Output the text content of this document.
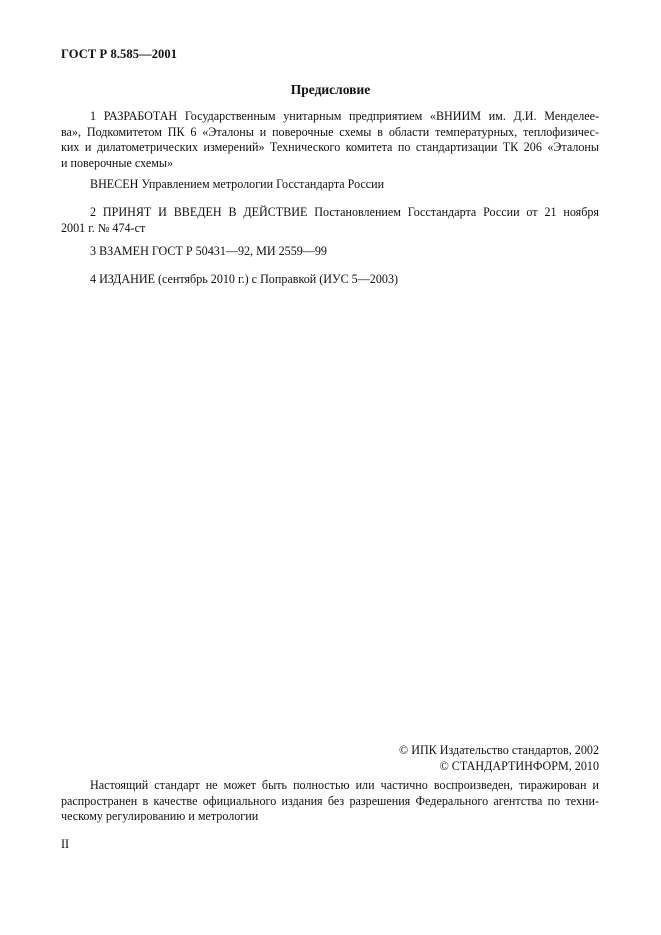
ГОСТ Р 8.585—2001
Предисловие
1 РАЗРАБОТАН Государственным унитарным предприятием «ВНИИМ им. Д.И. Менделее-
ва», Подкомитетом ПК 6 «Эталоны и поверочные схемы в области температурных, теплофизичес-
ких и дилатометрических измерений» Технического комитета по стандартизации ТК 206 «Эталоны
и поверочные схемы»
ВНЕСЕН Управлением метрологии Госстандарта России
2 ПРИНЯТ И ВВЕДЕН В ДЕЙСТВИЕ Постановлением Госстандарта России от 21 ноября
2001 г. № 474-ст
3 ВЗАМЕН ГОСТ Р 50431—92, МИ 2559—99
4 ИЗДАНИЕ (сентябрь 2010 г.) с Поправкой (ИУС 5—2003)
© ИПК Издательство стандартов, 2002
© СТАНДАРТИНФОРМ, 2010
Настоящий стандарт не может быть полностью или частично воспроизведен, тиражирован и
распространен в качестве официального издания без разрешения Федерального агентства по техни-
ческому регулированию и метрологии
II
